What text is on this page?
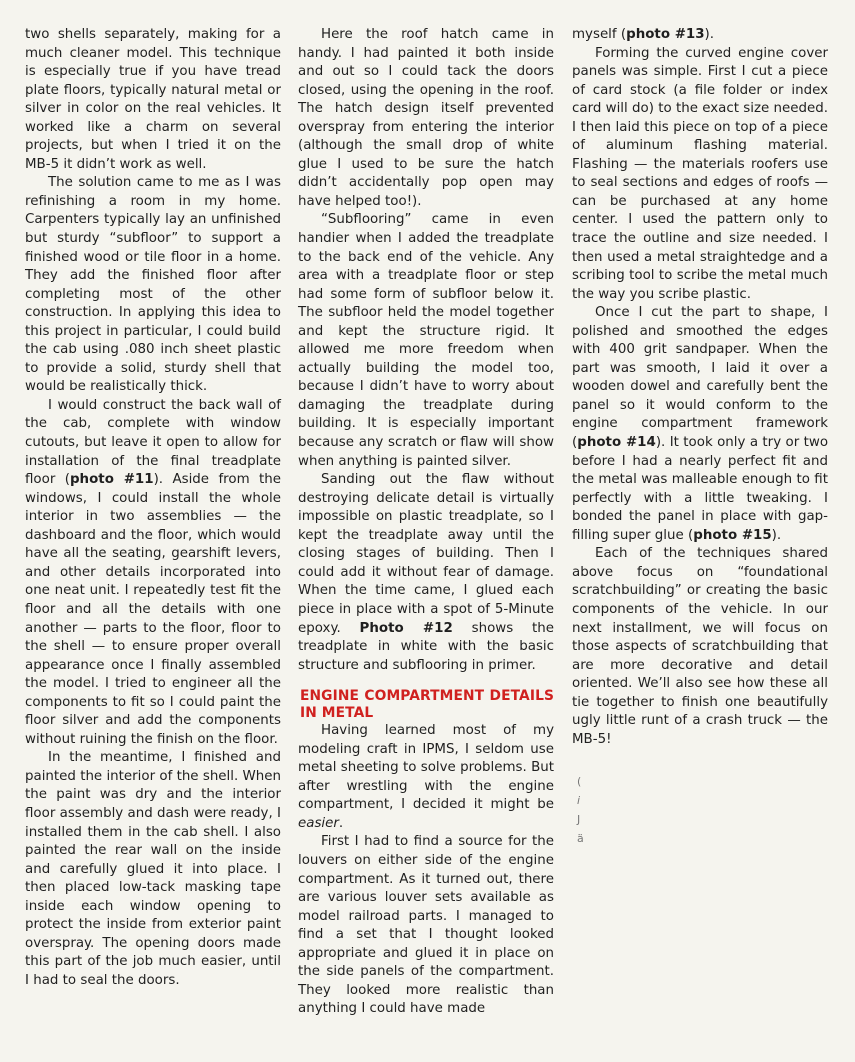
two shells separately, making for a much cleaner model. This technique is especially true if you have tread plate floors, typically natural metal or silver in color on the real vehicles. It worked like a charm on several projects, but when I tried it on the MB-5 it didn’t work as well.

The solution came to me as I was refinishing a room in my home. Carpenters typically lay an unfinished but sturdy “subfloor” to support a finished wood or tile floor in a home. They add the finished floor after completing most of the other construction. In applying this idea to this project in particular, I could build the cab using .080 inch sheet plastic to provide a solid, sturdy shell that would be realistically thick.

I would construct the back wall of the cab, complete with window cutouts, but leave it open to allow for installation of the final treadplate floor (photo #11). Aside from the windows, I could install the whole interior in two assemblies — the dashboard and the floor, which would have all the seating, gearshift levers, and other details incorporated into one neat unit. I repeatedly test fit the floor and all the details with one another — parts to the floor, floor to the shell — to ensure proper overall appearance once I finally assembled the model. I tried to engineer all the components to fit so I could paint the floor silver and add the components without ruining the finish on the floor.

In the meantime, I finished and painted the interior of the shell. When the paint was dry and the interior floor assembly and dash were ready, I installed them in the cab shell. I also painted the rear wall on the inside and carefully glued it into place. I then placed low-tack masking tape inside each window opening to protect the inside from exterior paint overspray. The opening doors made this part of the job much easier, until I had to seal the doors.

Here the roof hatch came in handy. I had painted it both inside and out so I could tack the doors closed, using the opening in the roof. The hatch design itself prevented overspray from entering the interior (although the small drop of white glue I used to be sure the hatch didn’t accidentally pop open may have helped too!).

“Subflooring” came in even handier when I added the treadplate to the back end of the vehicle. Any area with a treadplate floor or step had some form of subfloor below it. The subfloor held the model together and kept the structure rigid. It allowed me more freedom when actually building the model too, because I didn’t have to worry about damaging the treadplate during building. It is especially important because any scratch or flaw will show when anything is painted silver.

Sanding out the flaw without destroying delicate detail is virtually impossible on plastic treadplate, so I kept the treadplate away until the closing stages of building. Then I could add it without fear of damage. When the time came, I glued each piece in place with a spot of 5-Minute epoxy. Photo #12 shows the treadplate in white with the basic structure and subflooring in primer.

ENGINE COMPARTMENT DETAILS IN METAL

Having learned most of my modeling craft in IPMS, I seldom use metal sheeting to solve problems. But after wrestling with the engine compartment, I decided it might be easier.

First I had to find a source for the louvers on either side of the engine compartment. As it turned out, there are various louver sets available as model railroad parts. I managed to find a set that I thought looked appropriate and glued it in place on the side panels of the compartment. They looked more realistic than anything I could have made

myself (photo #13).

Forming the curved engine cover panels was simple. First I cut a piece of card stock (a file folder or index card will do) to the exact size needed. I then laid this piece on top of a piece of aluminum flashing material. Flashing — the materials roofers use to seal sections and edges of roofs — can be purchased at any home center. I used the pattern only to trace the outline and size needed. I then used a metal straightedge and a scribing tool to scribe the metal much the way you scribe plastic.

Once I cut the part to shape, I polished and smoothed the edges with 400 grit sandpaper. When the part was smooth, I laid it over a wooden dowel and carefully bent the panel so it would conform to the engine compartment framework (photo #14). It took only a try or two before I had a nearly perfect fit and the metal was malleable enough to fit perfectly with a little tweaking. I bonded the panel in place with gap-filling super glue (photo #15).

Each of the techniques shared above focus on “foundational scratchbuilding” or creating the basic components of the vehicle. In our next installment, we will focus on those aspects of scratchbuilding that are more decorative and detail oriented. We’ll also see how these all tie together to finish one beautifully ugly little runt of a crash truck — the MB-5!

(
i
J
ä
